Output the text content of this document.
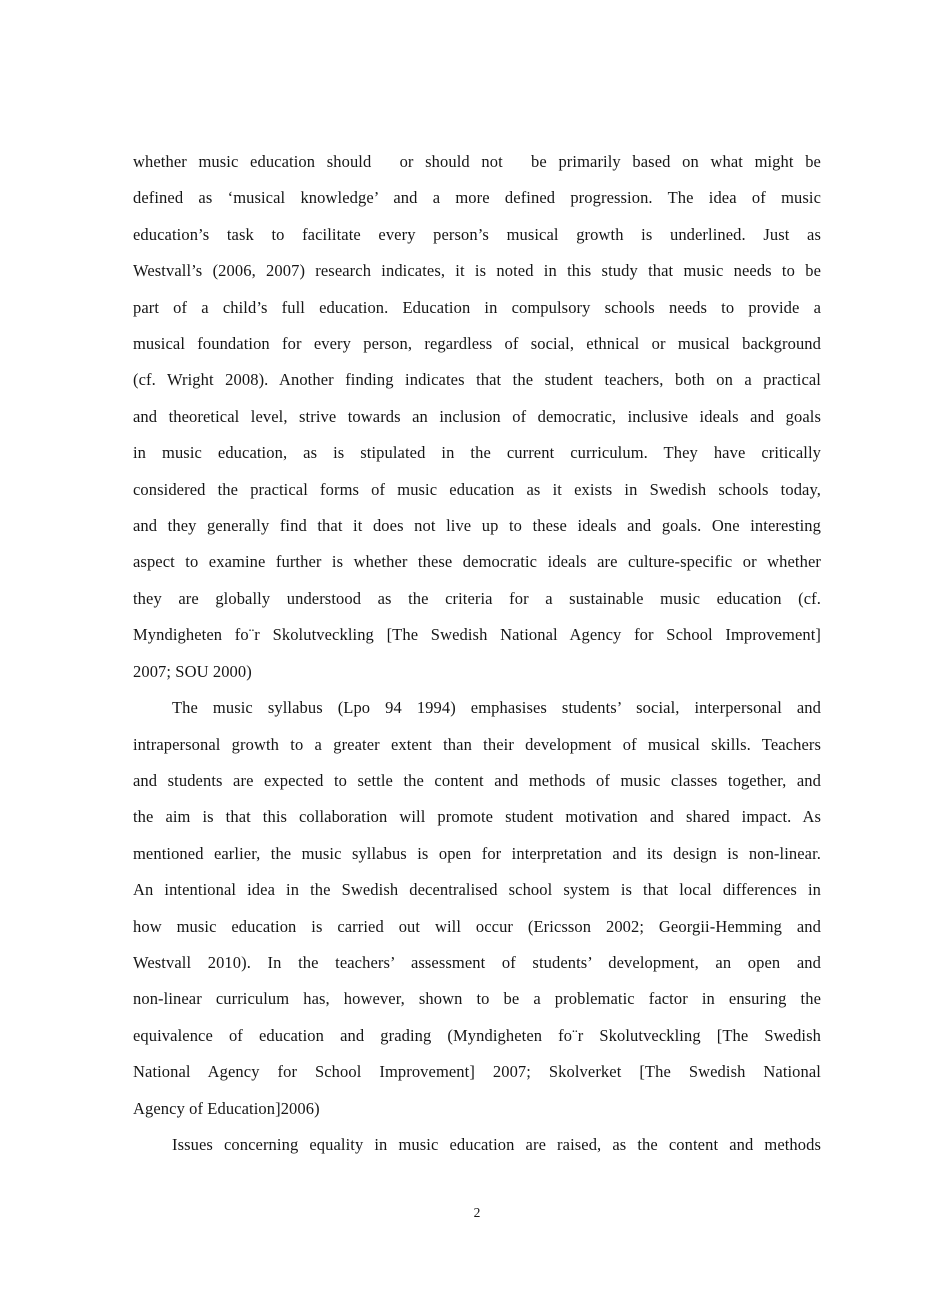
whether music education should  or should not  be primarily based on what might be
defined as ‘musical knowledge’ and a more defined progression. The idea of music
education’s task to facilitate every person’s musical growth is underlined. Just as
Westvall’s (2006, 2007) research indicates, it is noted in this study that music needs to be
part of a child’s full education. Education in compulsory schools needs to provide a
musical foundation for every person, regardless of social, ethnical or musical background
(cf. Wright 2008). Another finding indicates that the student teachers, both on a practical
and theoretical level, strive towards an inclusion of democratic, inclusive ideals and goals
in music education, as is stipulated in the current curriculum. They have critically
considered the practical forms of music education as it exists in Swedish schools today,
and they generally find that it does not live up to these ideals and goals. One interesting
aspect to examine further is whether these democratic ideals are culture-specific or whether
they are globally understood as the criteria for a sustainable music education (cf.
Myndigheten fo¨r Skolutveckling [The Swedish National Agency for School Improvement]
2007; SOU 2000)
The music syllabus (Lpo 94 1994) emphasises students’ social, interpersonal and
intrapersonal growth to a greater extent than their development of musical skills. Teachers
and students are expected to settle the content and methods of music classes together, and
the aim is that this collaboration will promote student motivation and shared impact. As
mentioned earlier, the music syllabus is open for interpretation and its design is non-linear.
An intentional idea in the Swedish decentralised school system is that local differences in
how music education is carried out will occur (Ericsson 2002; Georgii-Hemming and
Westvall 2010). In the teachers’ assessment of students’ development, an open and
non-linear curriculum has, however, shown to be a problematic factor in ensuring the
equivalence of education and grading (Myndigheten fo¨r Skolutveckling [The Swedish
National Agency for School Improvement] 2007; Skolverket [The Swedish National
Agency of Education]2006)
Issues concerning equality in music education are raised, as the content and methods
2
